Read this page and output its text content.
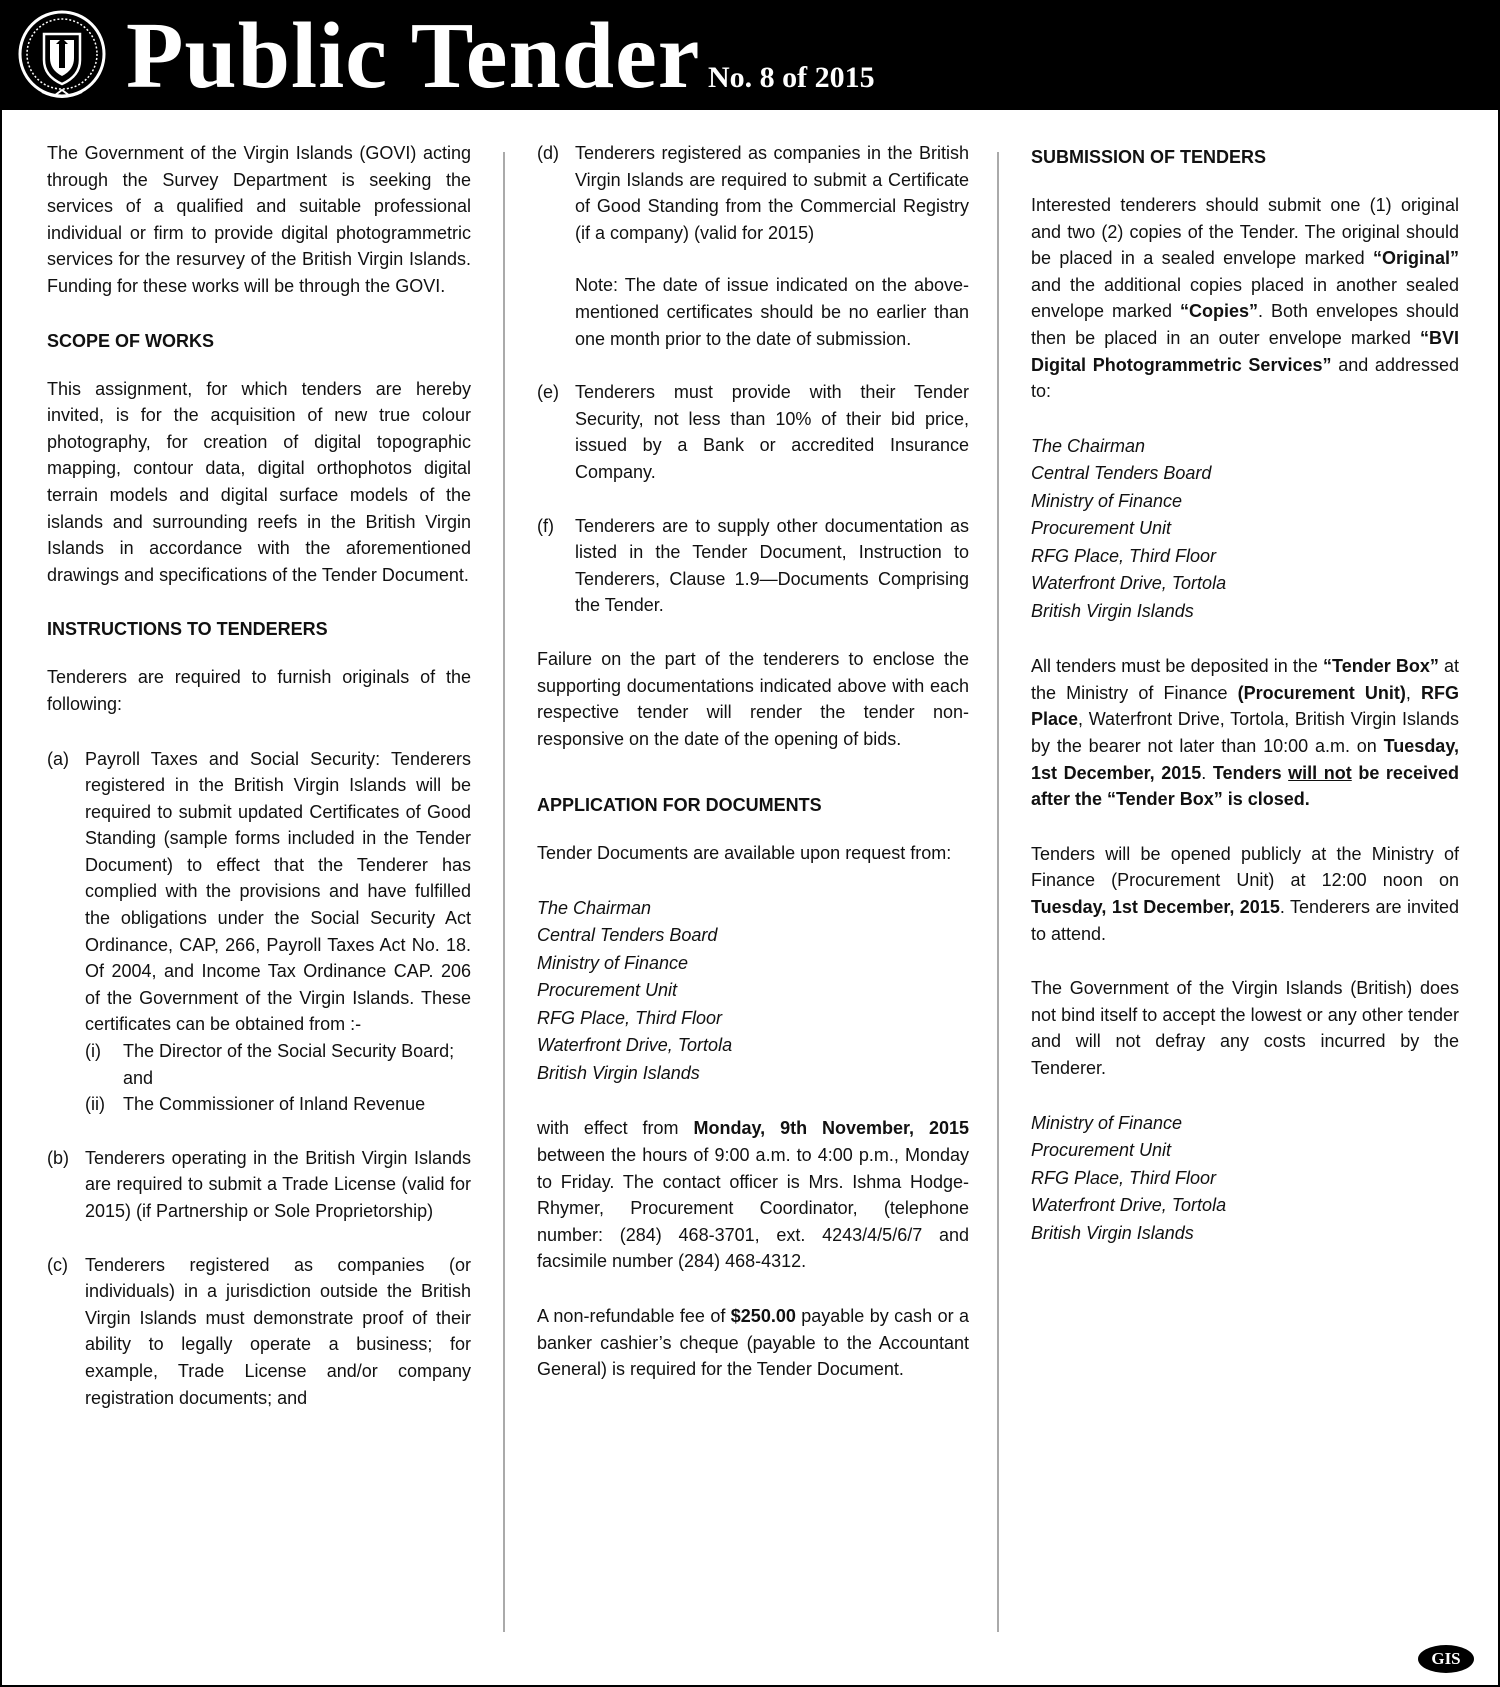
Public Tender No. 8 of 2015

The Government of the Virgin Islands (GOVI) acting through the Survey Department is seeking the services of a qualified and suitable professional individual or firm to provide digital photogrammetric services for the resurvey of the British Virgin Islands. Funding for these works will be through the GOVI.

SCOPE OF WORKS

This assignment, for which tenders are hereby invited, is for the acquisition of new true colour photography, for creation of digital topographic mapping, contour data, digital orthophotos digital terrain models and digital surface models of the islands and surrounding reefs in the British Virgin Islands in accordance with the aforementioned drawings and specifications of the Tender Document.

INSTRUCTIONS TO TENDERERS

Tenderers are required to furnish originals of the following:

(a) Payroll Taxes and Social Security: Tenderers registered in the British Virgin Islands will be required to submit updated Certificates of Good Standing (sample forms included in the Tender Document) to effect that the Tenderer has complied with the provisions and have fulfilled the obligations under the Social Security Act Ordinance, CAP, 266, Payroll Taxes Act No. 18. Of 2004, and Income Tax Ordinance CAP. 206 of the Government of the Virgin Islands. These certificates can be obtained from :-
(i)	The Director of the Social Security Board; and
(ii)	The Commissioner of Inland Revenue
(b) Tenderers operating in the British Virgin Islands are required to submit a Trade License (valid for 2015) (if Partnership or Sole Proprietorship)
(c) Tenderers registered as companies (or individuals) in a jurisdiction outside the British Virgin Islands must demonstrate proof of their ability to legally operate a business; for example, Trade License and/or company registration documents; and
(d) Tenderers registered as companies in the British Virgin Islands are required to submit a Certificate of Good Standing from the Commercial Registry (if a company) (valid for 2015)
Note: The date of issue indicated on the above-mentioned certificates should be no earlier than one month prior to the date of submission.
(e) Tenderers must provide with their Tender Security, not less than 10% of their bid price, issued by a Bank or accredited Insurance Company.
(f)	Tenderers are to supply other documentation as listed in the Tender Document, Instruction to Tenderers, Clause 1.9—Documents Comprising the Tender.

Failure on the part of the tenderers to enclose the supporting documentations indicated above with each respective tender will render the tender non-responsive on the date of the opening of bids.

APPLICATION FOR DOCUMENTS

Tender Documents are available upon request from:

The Chairman
Central Tenders Board
Ministry of Finance
Procurement Unit
RFG Place, Third Floor
Waterfront Drive, Tortola
British Virgin Islands

with effect from Monday, 9th November, 2015 between the hours of 9:00 a.m. to 4:00 p.m., Monday to Friday. The contact officer is Mrs. Ishma Hodge-Rhymer, Procurement Coordinator, (telephone number: (284) 468-3701, ext. 4243/4/5/6/7 and facsimile number (284) 468-4312.

A non-refundable fee of $250.00 payable by cash or a banker cashier’s cheque (payable to the Accountant General) is required for the Tender Document.

SUBMISSION OF TENDERS

Interested tenderers should submit one (1) original and two (2) copies of the Tender. The original should be placed in a sealed envelope marked “Original” and the additional copies placed in another sealed envelope marked “Copies”. Both envelopes should then be placed in an outer envelope marked “BVI Digital Photogrammetric Services” and addressed to:

The Chairman
Central Tenders Board
Ministry of Finance
Procurement Unit
RFG Place, Third Floor
Waterfront Drive, Tortola
British Virgin Islands

All tenders must be deposited in the “Tender Box” at the Ministry of Finance (Procurement Unit), RFG Place, Waterfront Drive, Tortola, British Virgin Islands by the bearer not later than 10:00 a.m. on Tuesday, 1st December, 2015. Tenders will not be received after the “Tender Box” is closed.

Tenders will be opened publicly at the Ministry of Finance (Procurement Unit) at 12:00 noon on Tuesday, 1st December, 2015. Tenderers are invited to attend.

The Government of the Virgin Islands (British) does not bind itself to accept the lowest or any other tender and will not defray any costs incurred by the Tenderer.

Ministry of Finance
Procurement Unit
RFG Place, Third Floor
Waterfront Drive, Tortola
British Virgin Islands
GIS
